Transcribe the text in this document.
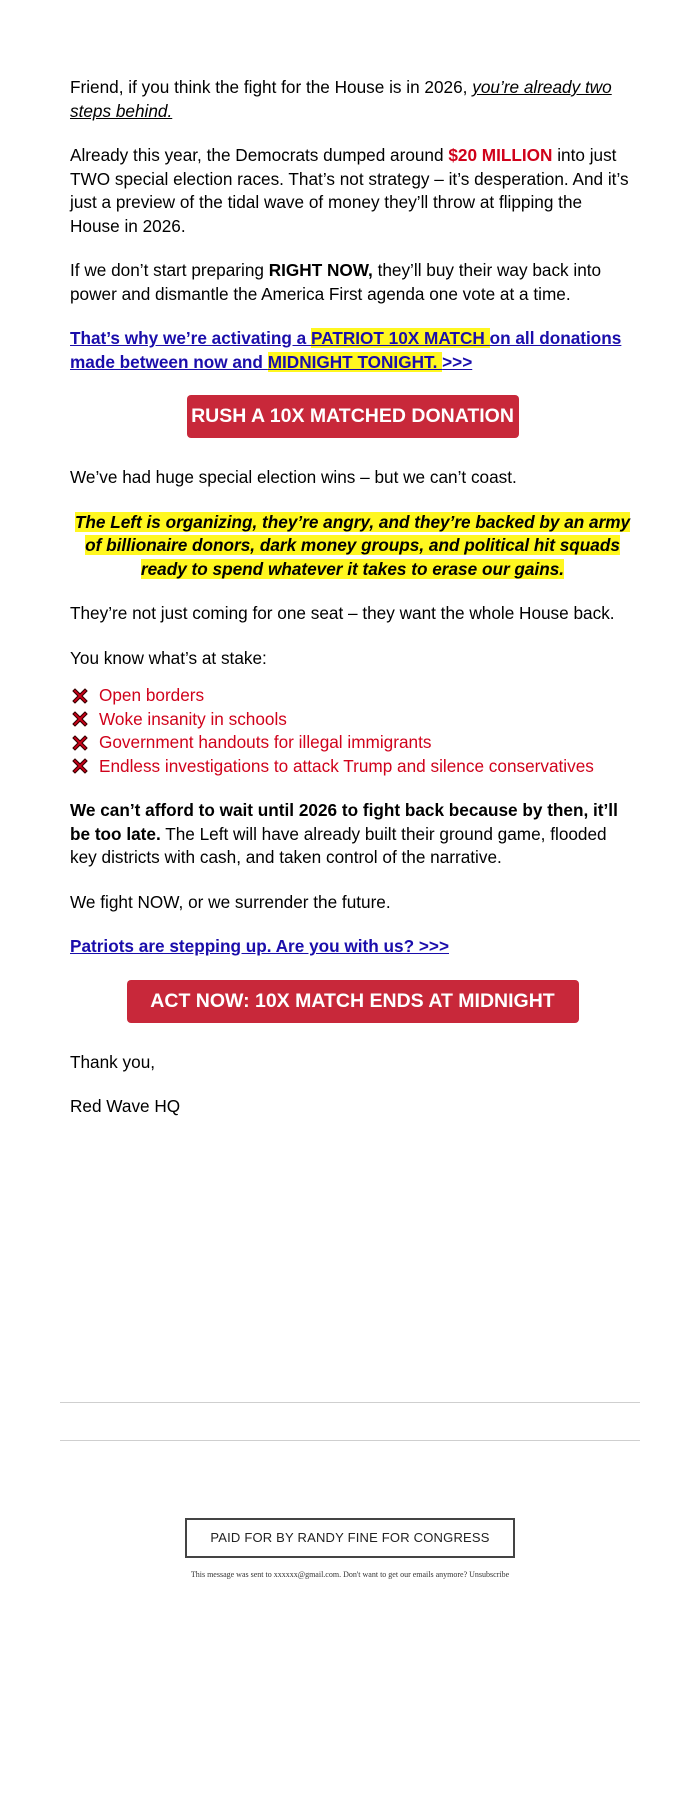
Friend, if you think the fight for the House is in 2026, you’re already two steps behind.

Already this year, the Democrats dumped around $20 MILLION into just TWO special election races. That’s not strategy – it’s desperation. And it’s just a preview of the tidal wave of money they’ll throw at flipping the House in 2026.

If we don’t start preparing RIGHT NOW, they’ll buy their way back into power and dismantle the America First agenda one vote at a time.

That’s why we’re activating a PATRIOT 10X MATCH on all donations made between now and MIDNIGHT TONIGHT. >>>

RUSH A 10X MATCHED DONATION

We’ve had huge special election wins – but we can’t coast.

The Left is organizing, they’re angry, and they’re backed by an army of billionaire donors, dark money groups, and political hit squads ready to spend whatever it takes to erase our gains.

They’re not just coming for one seat – they want the whole House back.

You know what’s at stake:

Open borders
Woke insanity in schools
Government handouts for illegal immigrants
Endless investigations to attack Trump and silence conservatives

We can’t afford to wait until 2026 to fight back because by then, it’ll be too late. The Left will have already built their ground game, flooded key districts with cash, and taken control of the narrative.

We fight NOW, or we surrender the future.

Patriots are stepping up. Are you with us? >>>

ACT NOW: 10X MATCH ENDS AT MIDNIGHT

Thank you,

Red Wave HQ

PAID FOR BY RANDY FINE FOR CONGRESS
This message was sent to xxxxxx@gmail.com. Don't want to get our emails anymore? Unsubscribe
